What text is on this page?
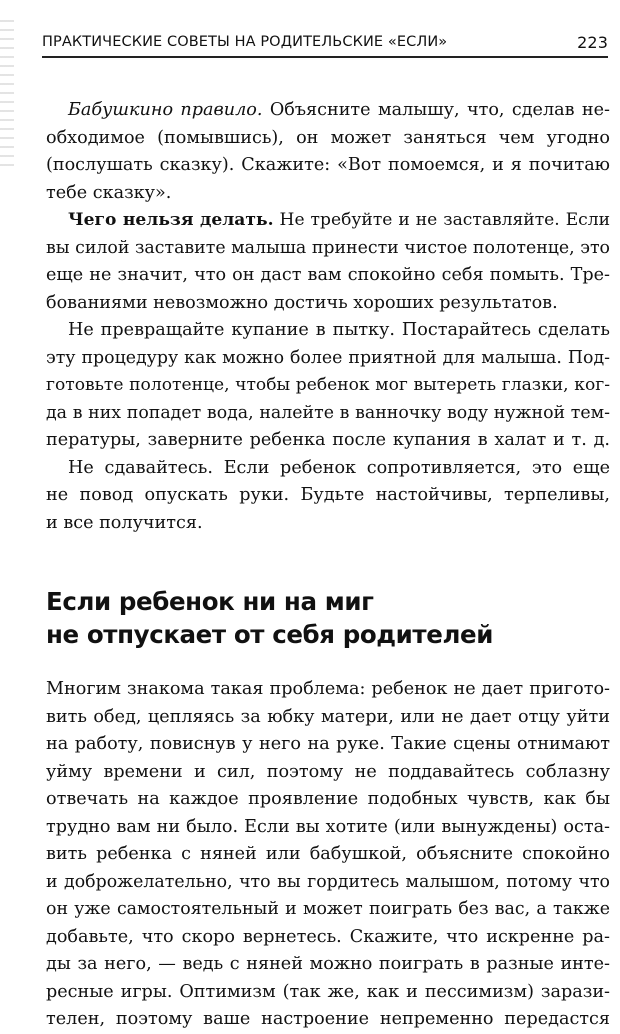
ПРАКТИЧЕСКИЕ СОВЕТЫ НА РОДИТЕЛЬСКИЕ «ЕСЛИ»	223
Бабушкино правило. Объясните малышу, что, сделав не-
обходимое (помывшись), он может заняться чем угодно
(послушать сказку). Скажите: «Вот помоемся, и я почитаю
тебе сказку».
Чего нельзя делать. Не требуйте и не заставляйте. Если
вы силой заставите малыша принести чистое полотенце, это
еще не значит, что он даст вам спокойно себя помыть. Тре-
бованиями невозможно достичь хороших результатов.
Не превращайте купание в пытку. Постарайтесь сделать
эту процедуру как можно более приятной для малыша. Под-
готовьте полотенце, чтобы ребенок мог вытереть глазки, ког-
да в них попадет вода, налейте в ванночку воду нужной тем-
пературы, заверните ребенка после купания в халат и т. д.
Не сдавайтесь. Если ребенок сопротивляется, это еще
не повод опускать руки. Будьте настойчивы, терпеливы,
и все получится.
Если ребенок ни на миг
не отпускает от себя родителей
Многим знакома такая проблема: ребенок не дает пригото-
вить обед, цепляясь за юбку матери, или не дает отцу уйти
на работу, повиснув у него на руке. Такие сцены отнимают
уйму времени и сил, поэтому не поддавайтесь соблазну
отвечать на каждое проявление подобных чувств, как бы
трудно вам ни было. Если вы хотите (или вынуждены) оста-
вить ребенка с няней или бабушкой, объясните спокойно
и доброжелательно, что вы гордитесь малышом, потому что
он уже самостоятельный и может поиграть без вас, а также
добавьте, что скоро вернетесь. Скажите, что искренне ра-
ды за него, — ведь с няней можно поиграть в разные инте-
ресные игры. Оптимизм (так же, как и пессимизм) зарази-
телен, поэтому ваше настроение непременно передастся
